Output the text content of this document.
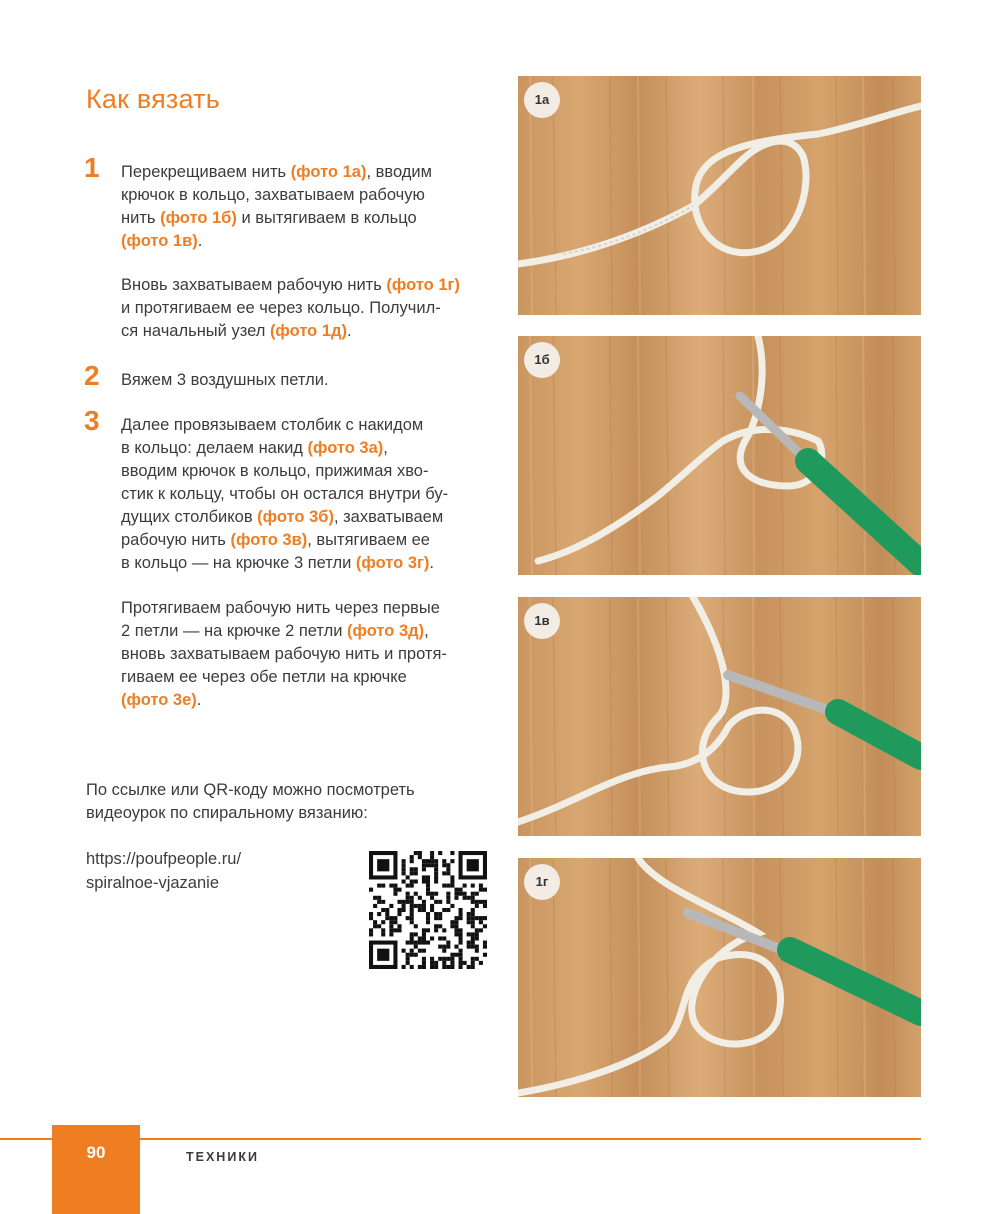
Как вязать
1 Перекрещиваем нить (фото 1а), вводим
крючок в кольцо, захватываем рабочую
нить (фото 1б) и вытягиваем в кольцо
(фото 1в).
Вновь захватываем рабочую нить (фото 1г)
и протягиваем ее через кольцо. Получил-
ся начальный узел (фото 1д).
2 Вяжем 3 воздушных петли.
3 Далее провязываем столбик с накидом
в кольцо: делаем накид (фото 3а),
вводим крючок в кольцо, прижимая хво-
стик к кольцу, чтобы он остался внутри бу-
дущих столбиков (фото 3б), захватываем
рабочую нить (фото 3в), вытягиваем ее
в кольцо — на крючке 3 петли (фото 3г).
Протягиваем рабочую нить через первые
2 петли — на крючке 2 петли (фото 3д),
вновь захватываем рабочую нить и протя-
гиваем ее через обе петли на крючке
(фото 3е).
По ссылке или QR-коду можно посмотреть
видеоурок по спиральному вязанию:
https://poufpeople.ru/
spiralnoe-vjazanie
1а
1б
1в
1г
90	ТЕХНИКИ
